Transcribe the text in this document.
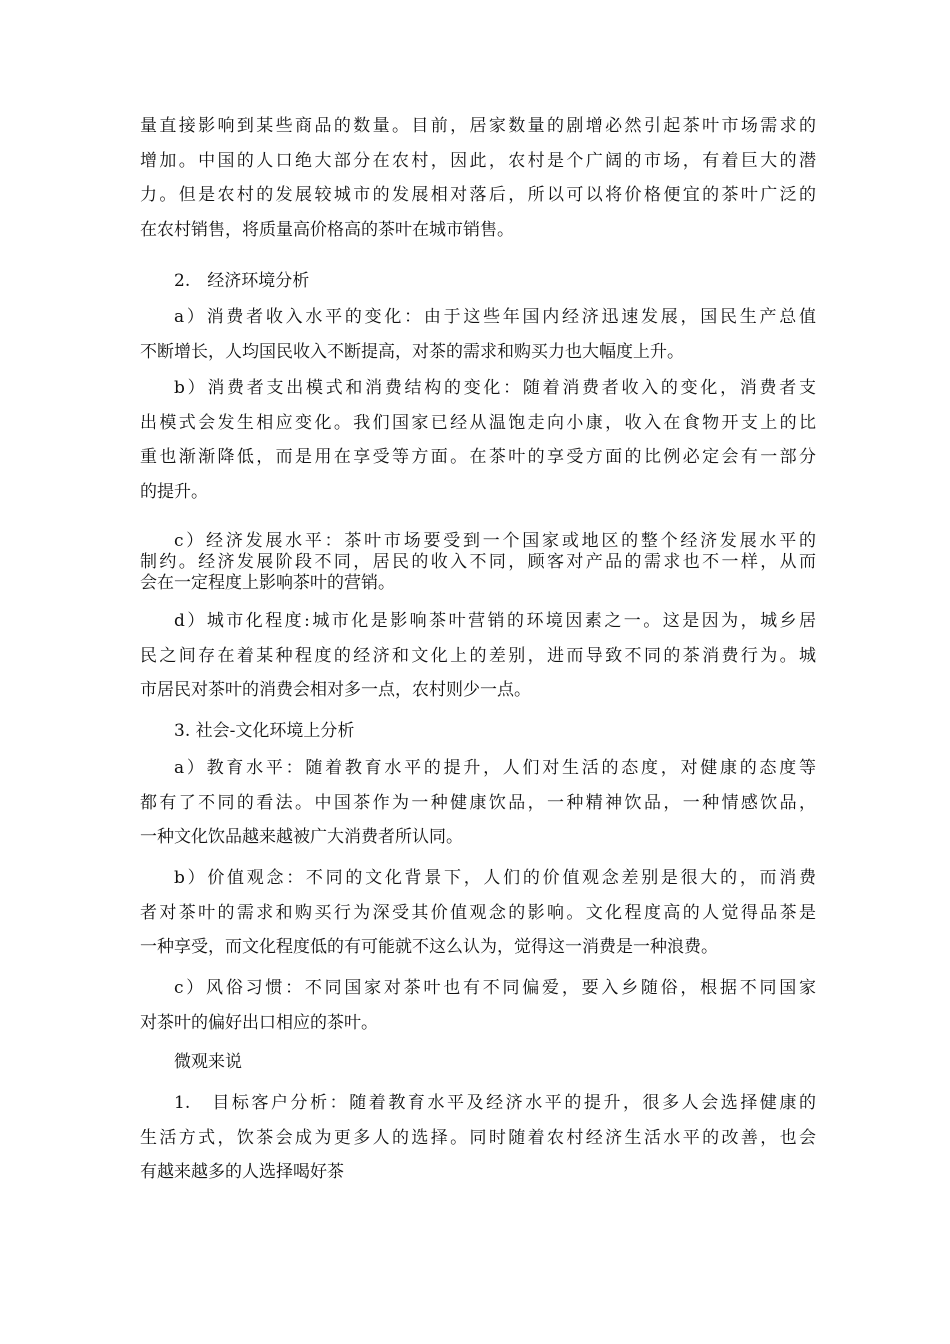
量直接影响到某些商品的数量。目前，居家数量的剧增必然引起茶叶市场需求的
增加。中国的人口绝大部分在农村，因此，农村是个广阔的市场，有着巨大的潜
力。但是农村的发展较城市的发展相对落后，所以可以将价格便宜的茶叶广泛的
在农村销售，将质量高价格高的茶叶在城市销售。
2.　经济环境分析
a）消费者收入水平的变化：由于这些年国内经济迅速发展，国民生产总值
不断增长，人均国民收入不断提高，对茶的需求和购买力也大幅度上升。
b）消费者支出模式和消费结构的变化：随着消费者收入的变化，消费者支
出模式会发生相应变化。我们国家已经从温饱走向小康，收入在食物开支上的比
重也渐渐降低，而是用在享受等方面。在茶叶的享受方面的比例必定会有一部分
的提升。
c）经济发展水平：茶叶市场要受到一个国家或地区的整个经济发展水平的
制约。经济发展阶段不同，居民的收入不同，顾客对产品的需求也不一样，从而
会在一定程度上影响茶叶的营销。
d）城市化程度:城市化是影响茶叶营销的环境因素之一。这是因为，城乡居
民之间存在着某种程度的经济和文化上的差别，进而导致不同的茶消费行为。城
市居民对茶叶的消费会相对多一点，农村则少一点。
3. 社会-文化环境上分析
a）教育水平：随着教育水平的提升，人们对生活的态度，对健康的态度等
都有了不同的看法。中国茶作为一种健康饮品，一种精神饮品，一种情感饮品，
一种文化饮品越来越被广大消费者所认同。
b）价值观念：不同的文化背景下，人们的价值观念差别是很大的，而消费
者对茶叶的需求和购买行为深受其价值观念的影响。文化程度高的人觉得品茶是
一种享受，而文化程度低的有可能就不这么认为，觉得这一消费是一种浪费。
c）风俗习惯：不同国家对茶叶也有不同偏爱，要入乡随俗，根据不同国家
对茶叶的偏好出口相应的茶叶。
微观来说
1.　目标客户分析：随着教育水平及经济水平的提升，很多人会选择健康的
生活方式，饮茶会成为更多人的选择。同时随着农村经济生活水平的改善，也会
有越来越多的人选择喝好茶
